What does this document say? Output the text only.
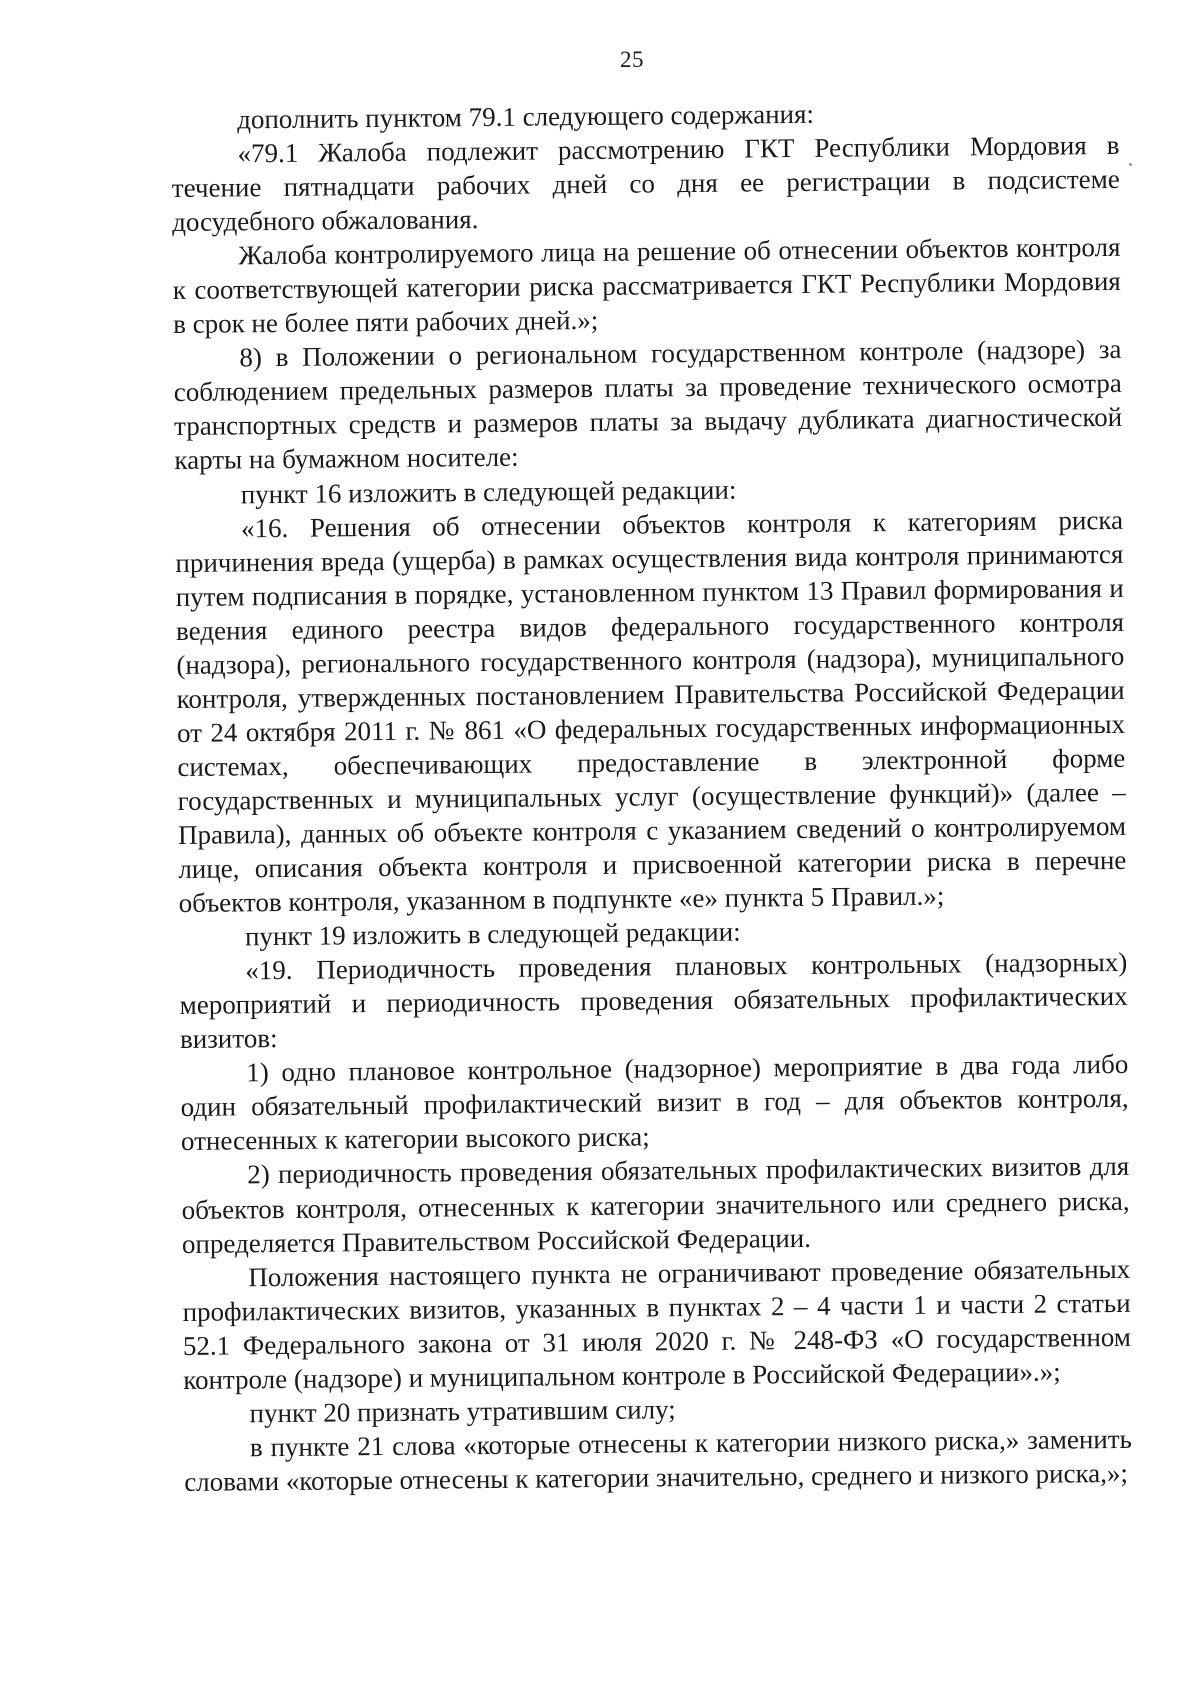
25

дополнить пунктом 79.1 следующего содержания:

«79.1 Жалоба подлежит рассмотрению ГКТ Республики Мордовия в течение пятнадцати рабочих дней со дня ее регистрации в подсистеме досудебного обжалования.

Жалоба контролируемого лица на решение об отнесении объектов контроля к соответствующей категории риска рассматривается ГКТ Республики Мордовия в срок не более пяти рабочих дней.»;

8) в Положении о региональном государственном контроле (надзоре) за соблюдением предельных размеров платы за проведение технического осмотра транспортных средств и размеров платы за выдачу дубликата диагностической карты на бумажном носителе:

пункт 16 изложить в следующей редакции:

«16. Решения об отнесении объектов контроля к категориям риска причинения вреда (ущерба) в рамках осуществления вида контроля принимаются путем подписания в порядке, установленном пунктом 13 Правил формирования и ведения единого реестра видов федерального государственного контроля (надзора), регионального государственного контроля (надзора), муниципального контроля, утвержденных постановлением Правительства Российской Федерации от 24 октября 2011 г. № 861 «О федеральных государственных информационных системах, обеспечивающих предоставление в электронной форме государственных и муниципальных услуг (осуществление функций)» (далее – Правила), данных об объекте контроля с указанием сведений о контролируемом лице, описания объекта контроля и присвоенной категории риска в перечне объектов контроля, указанном в подпункте «е» пункта 5 Правил.»;

пункт 19 изложить в следующей редакции:

«19. Периодичность проведения плановых контрольных (надзорных) мероприятий и периодичность проведения обязательных профилактических визитов:

1) одно плановое контрольное (надзорное) мероприятие в два года либо один обязательный профилактический визит в год – для объектов контроля, отнесенных к категории высокого риска;

2) периодичность проведения обязательных профилактических визитов для объектов контроля, отнесенных к категории значительного или среднего риска, определяется Правительством Российской Федерации.

Положения настоящего пункта не ограничивают проведение обязательных профилактических визитов, указанных в пунктах 2 – 4 части 1 и части 2 статьи 52.1 Федерального закона от 31 июля 2020 г. № 248-ФЗ «О государственном контроле (надзоре) и муниципальном контроле в Российской Федерации».»;

пункт 20 признать утратившим силу;

в пункте 21 слова «которые отнесены к категории низкого риска,» заменить словами «которые отнесены к категории значительно, среднего и низкого риска,»;
